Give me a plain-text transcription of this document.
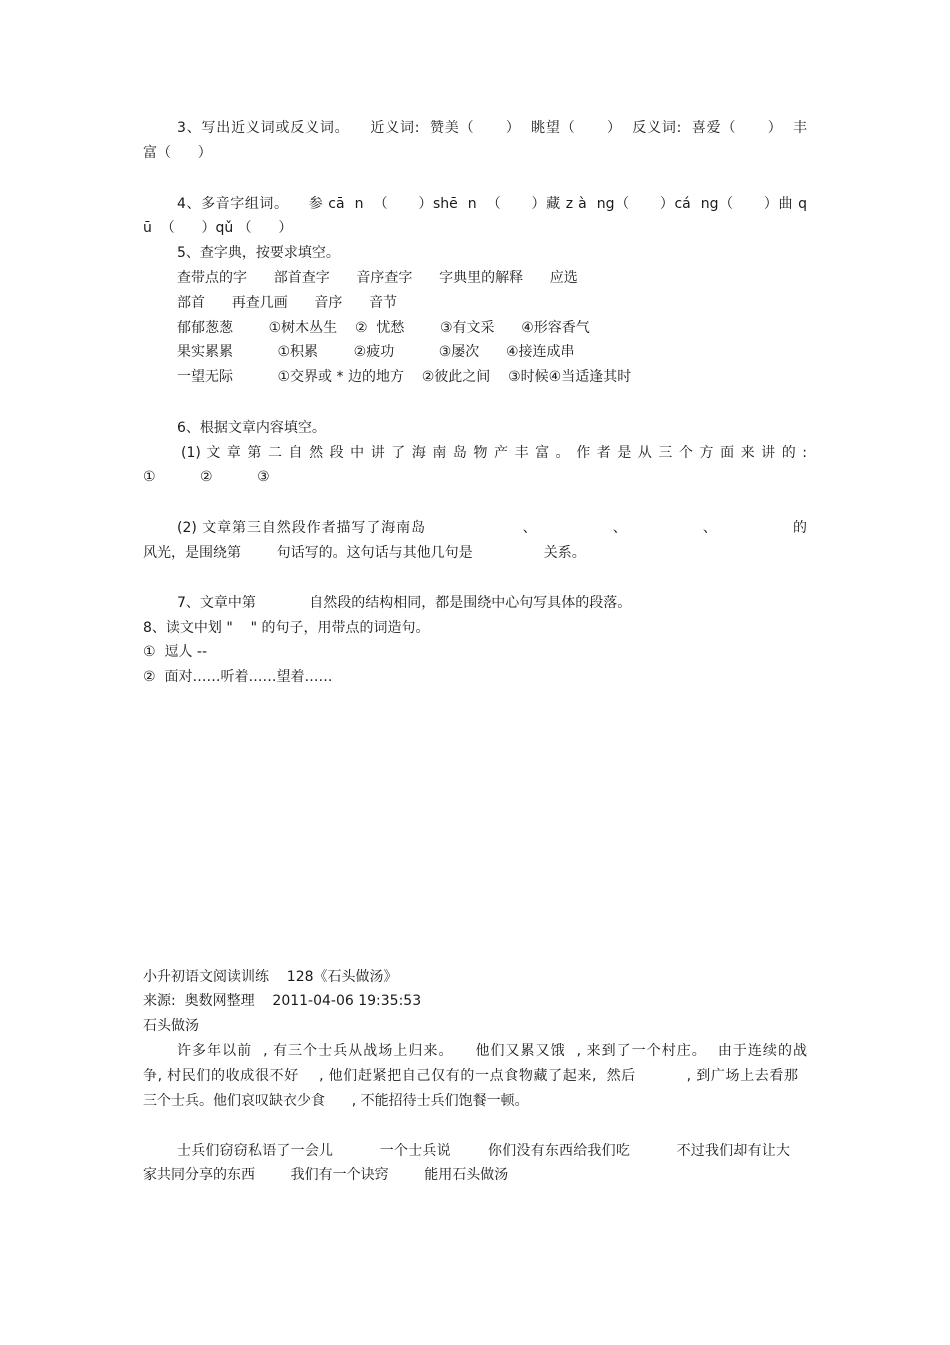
3、写出近义词或反义词。    近义词:  赞美（      ）  眺望（      ）  反义词:  喜爱（      ）  丰
富（      ）
4、多音字组词。    参 cā  n  （      ）shē  n  （      ）藏 z à  ng（      ）cá  ng（      ）曲 q
ū  （      ）qǔ （      ）
5、查字典，按要求填空。
查带点的字      部首查字      音序查字      字典里的解释      应选
部首      再查几画      音序      音节
郁郁葱葱        ①树木丛生    ②  忧愁        ③有文采      ④形容香气
果实累累          ①积累        ②疲功          ③屡次      ④接连成串
一望无际          ①交界或 * 边的地方    ②彼此之间    ③时候④当适逢其时
6、根据文章内容填空。
(1) 文 章 第 二 自 然 段 中 讲 了 海 南 岛 物 产 丰 富 。 作 者 是 从 三 个 方 面 来 讲 的 :
①          ②          ③
(2) 文章第三自然段作者描写了海南岛                  、              、              、              的
风光，是围绕第        句话写的。这句话与其他几句是                关系。
7、文章中第            自然段的结构相同，都是围绕中心句写具体的段落。
8、读文中划 "    " 的句子，用带点的词造句。
①  逗人 --
②  面对……听着……望着……
小升初语文阅读训练    128《石头做汤》
来源:  奥数网整理    2011-04-06 19:35:53
石头做汤
许多年以前  , 有三个士兵从战场上归来。    他们又累又饿  , 来到了一个村庄。  由于连续的战
争, 村民们的收成很不好    , 他们赶紧把自己仅有的一点食物藏了起来,  然后          , 到广场上去看那
三个士兵。他们哀叹缺衣少食      , 不能招待士兵们饱餐一顿。
士兵们窃窃私语了一会儿          一个士兵说        你们没有东西给我们吃          不过我们却有让大
家共同分享的东西        我们有一个诀窍        能用石头做汤
